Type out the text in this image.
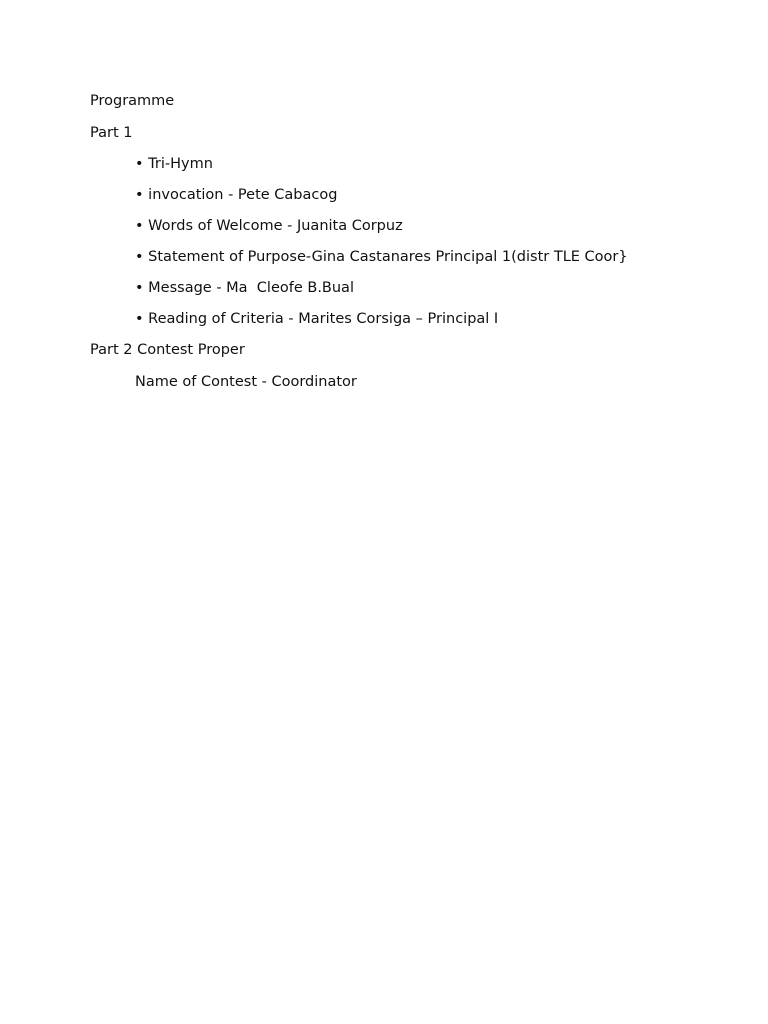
Programme
Part 1
• Tri-Hymn
• invocation - Pete Cabacog
• Words of Welcome - Juanita Corpuz
• Statement of Purpose-Gina Castanares Principal 1(distr TLE Coor}
• Message - Ma  Cleofe B.Bual
• Reading of Criteria - Marites Corsiga – Principal I
Part 2 Contest Proper
Name of Contest - Coordinator
